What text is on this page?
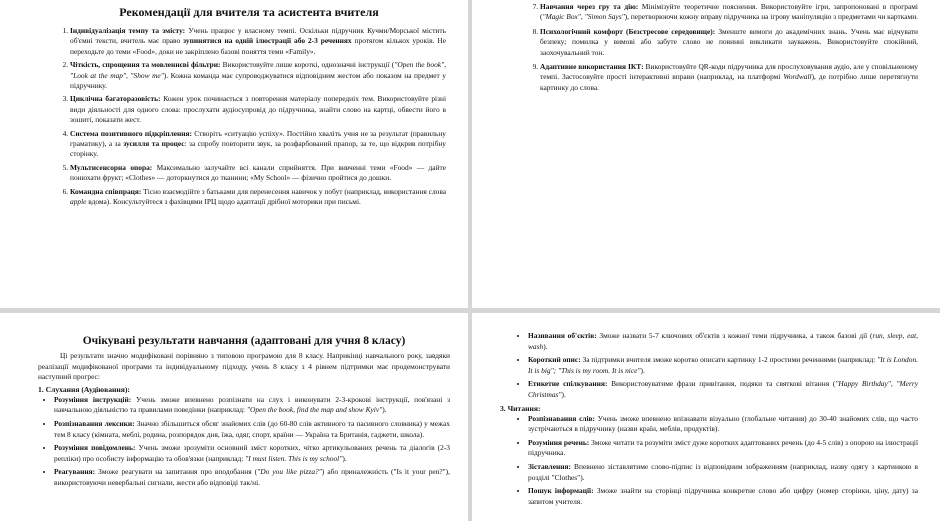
Рекомендації для вчителя та асистента вчителя
1. Індивідуалізація темпу та змісту: Учень працює у власному темпі. Оскільки підручник Кучми/Морської містить об'ємні тексти, вчитель має право зупинятися на одній ілюстрації або 2-3 реченнях протягом кількох уроків. Не переходьте до теми «Food», доки не закріплено базові поняття теми «Family».
2. Чіткість, спрощення та мовленнєві фільтри: Використовуйте лише короткі, однозначні інструкції ("Open the book", "Look at the map", "Show me"). Кожна команда має супроводжуватися відповідним жестом або показом на предмет у підручнику.
3. Циклічна багаторазовість: Кожен урок починається з повторення матеріалу попередніх тем. Використовуйте різні види діяльності для одного слова: прослухати аудіосупровід до підручника, знайти слово на картці, обвести його в зошиті, показати жест.
4. Система позитивного підкріплення: Створіть «ситуацію успіху». Постійно хваліть учня не за результат (правильну граматику), а за зусилля та процес: за спробу повторити звук, за розфарбований прапор, за те, що відкрив потрібну сторінку.
5. Мультисенсорна опора: Максимально залучайте всі канали сприйняття. При вивченні теми «Food» — дайте понюхати фрукт; «Clothes» — доторкнутися до тканини; «My School» — фізично пройтися до дошки.
6. Командна співпраця: Тісно взаємодійте з батьками для перенесення навичок у побут (наприклад, використання слова apple вдома). Консультуйтеся з фахівцями ІРЦ щодо адаптації дрібної моторики при письмі.
7. Навчання через гру та дію: Мінімізуйте теоретичне пояснення. Використовуйте ігри, запропоновані в програмі ("Magic Box", "Simon Says"), перетворюючи кожну вправу підручника на ігрову маніпуляцію з предметами чи картками.
8. Психологічний комфорт (Безстресове середовище): Зменште вимоги до академічних знань. Учень має відчувати безпеку; помилка у вимові або забуте слово не повинні викликати зауважень. Використовуйте спокійний, заохочувальний тон.
9. Адаптивне використання ІКТ: Використовуйте QR-коди підручника для прослуховування аудіо, але у сповільненому темпі. Застосовуйте прості інтерактивні вправи (наприклад, на платформі Wordwall), де потрібно лише перетягнути картинку до слова.
Очікувані результати навчання (адаптовані для учня 8 класу)

Ці результати значно модифіковані порівняно з типовою програмою для 8 класу. Наприкінці навчального року, завдяки реалізації модифікованої програми та індивідуальному підходу, учень 8 класу з 4 рівнем підтримки має продемонструвати наступний прогрес:

1. Слухання (Аудіювання):
• Розуміння інструкцій: Учень зможе впевнено розпізнати на слух і виконувати 2-3-крокові інструкції, пов'язані з навчальною діяльністю та правилами поведінки (наприклад: "Open the book, find the map and show Kyiv").
• Розпізнавання лексики: Значно збільшиться обсяг знайомих слів (до 60-80 слів активного та пасивного словника) у межах тем 8 класу (кімната, меблі, родина, розпорядок дня, їжа, одяг, спорт, країни — Україна та Британія, гаджети, школа).
• Розуміння повідомлень: Учень зможе зрозуміти основний зміст коротких, чітко артикульованих речень та діалогів (2-3 репліки) про особисту інформацію та обов'язки (наприклад: "I must listen. This is my school").
• Реагування: Зможе реагувати на запитання про вподобання ("Do you like pizza?") або приналежність ("Is it your pen?"), використовуючи невербальні сигнали, жести або відповіді так/ні.
• Називання об'єктів: Зможе назвати 5-7 ключових об'єктів з кожної теми підручника, а також базові дії (run, sleep, eat, wash).
• Короткий опис: За підтримки вчителя зможе коротко описати картинку 1-2 простими реченнями (наприклад: "It is London. It is big"; "This is my room. It is nice").
• Етикетне спілкування: Використовуватиме фрази привітання, подяки та святкові вітання ("Happy Birthday", "Merry Christmas").
3. Читання:
• Розпізнавання слів: Учень зможе впевнено впізнавати візуально (глобальне читання) до 30-40 знайомих слів, що часто зустрічаються в підручнику (назви країн, меблів, продуктів).
• Розуміння речень: Зможе читати та розуміти зміст дуже коротких адаптованих речень (до 4-5 слів) з опорою на ілюстрації підручника.
• Зіставлення: Впевнено зіставлятиме слово-підпис із відповідним зображенням (наприклад, назву одягу з картинкою в розділі "Clothes").
• Пошук інформації: Зможе знайти на сторінці підручника конкретне слово або цифру (номер сторінки, ціну, дату) за запитом учителя.
